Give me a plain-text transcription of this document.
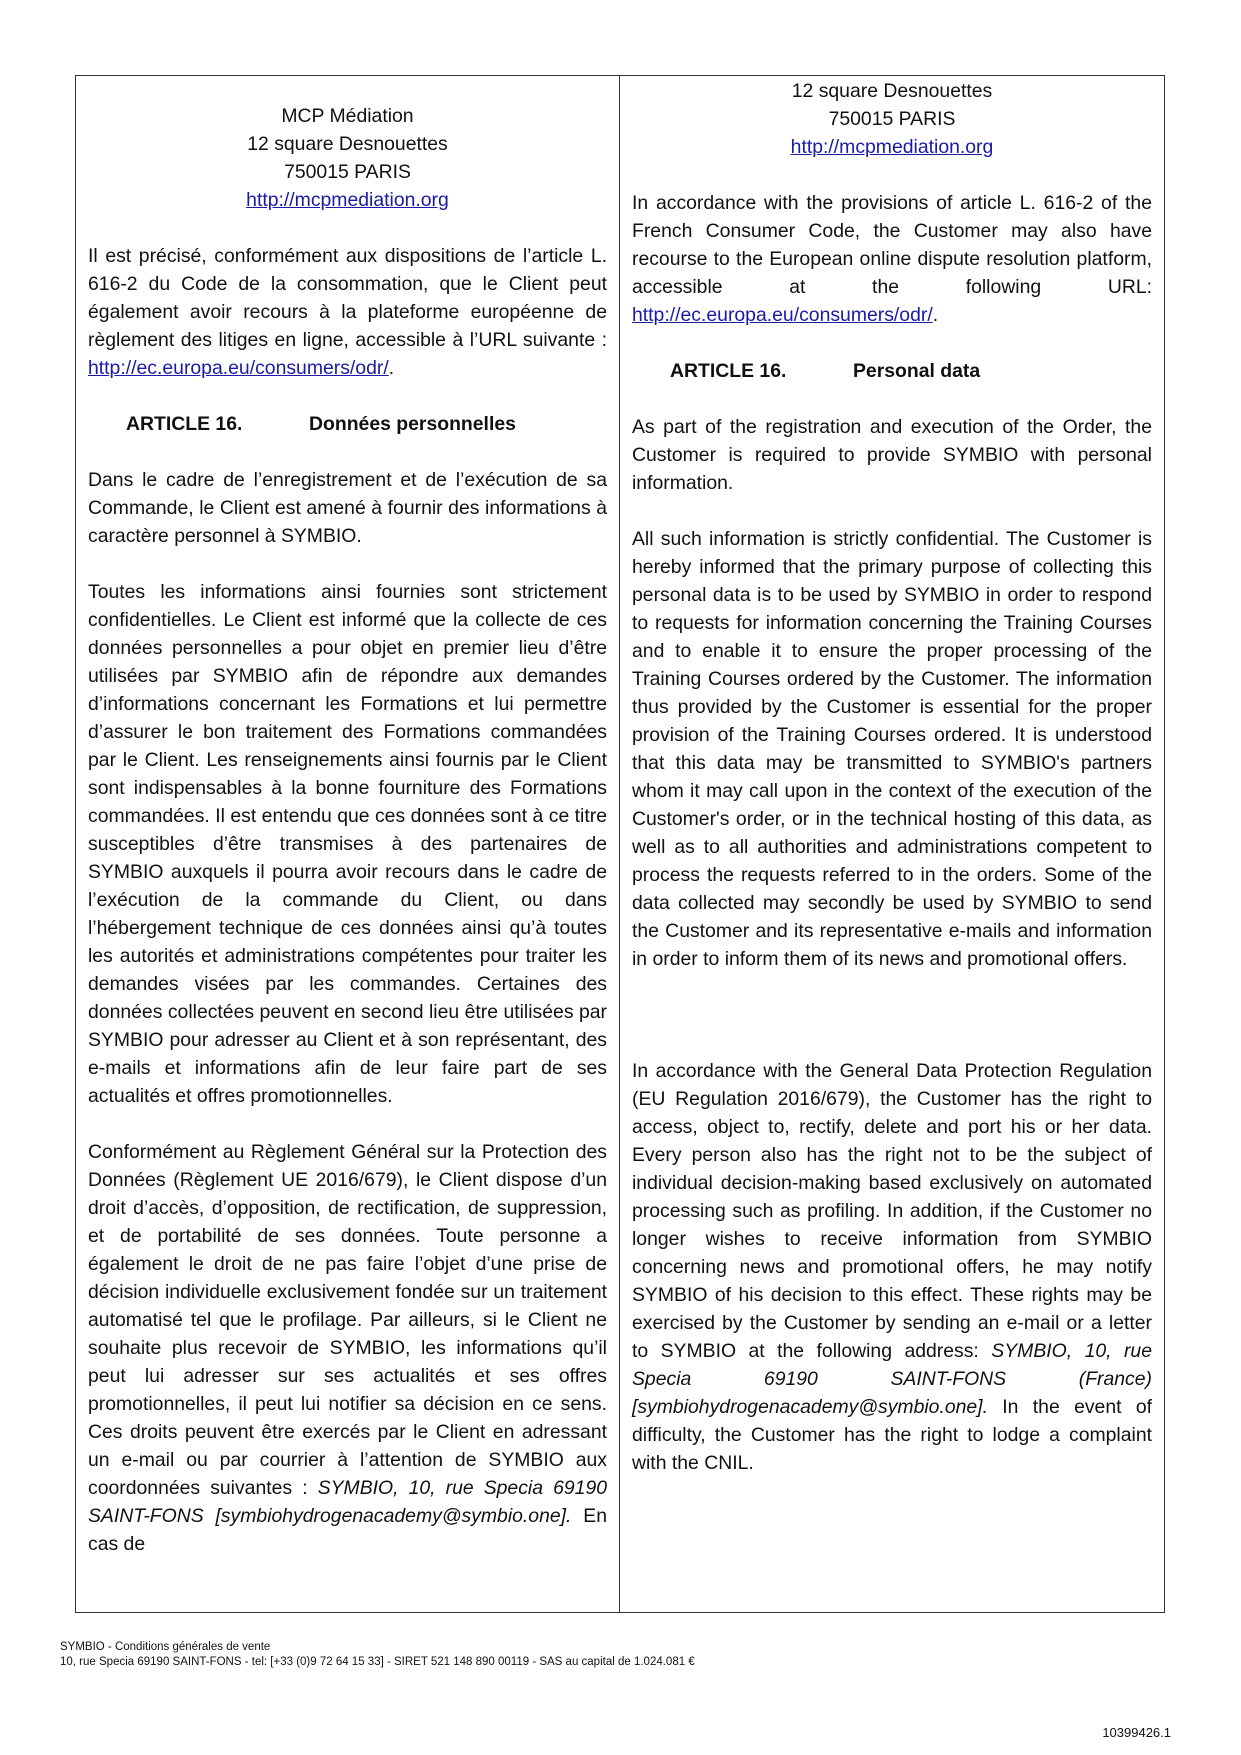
MCP Médiation
12 square Desnouettes
750015 PARIS
http://mcpmediation.org

Il est précisé, conformément aux dispositions de l’article L. 616-2 du Code de la consommation, que le Client peut également avoir recours à la plateforme européenne de règlement des litiges en ligne, accessible à l’URL suivante : http://ec.europa.eu/consumers/odr/.

ARTICLE 16.	Données personnelles

Dans le cadre de l’enregistrement et de l’exécution de sa Commande, le Client est amené à fournir des informations à caractère personnel à SYMBIO.

Toutes les informations ainsi fournies sont strictement confidentielles. Le Client est informé que la collecte de ces données personnelles a pour objet en premier lieu d’être utilisées par SYMBIO afin de répondre aux demandes d’informations concernant les Formations et lui permettre d’assurer le bon traitement des Formations commandées par le Client. Les renseignements ainsi fournis par le Client sont indispensables à la bonne fourniture des Formations commandées. Il est entendu que ces données sont à ce titre susceptibles d’être transmises à des partenaires de SYMBIO auxquels il pourra avoir recours dans le cadre de l’exécution de la commande du Client, ou dans l’hébergement technique de ces données ainsi qu’à toutes les autorités et administrations compétentes pour traiter les demandes visées par les commandes. Certaines des données collectées peuvent en second lieu être utilisées par SYMBIO pour adresser au Client et à son représentant, des e-mails et informations afin de leur faire part de ses actualités et offres promotionnelles.

Conformément au Règlement Général sur la Protection des Données (Règlement UE 2016/679), le Client dispose d’un droit d’accès, d’opposition, de rectification, de suppression, et de portabilité de ses données. Toute personne a également le droit de ne pas faire l’objet d’une prise de décision individuelle exclusivement fondée sur un traitement automatisé tel que le profilage. Par ailleurs, si le Client ne souhaite plus recevoir de SYMBIO, les informations qu’il peut lui adresser sur ses actualités et ses offres promotionnelles, il peut lui notifier sa décision en ce sens. Ces droits peuvent être exercés par le Client en adressant un e-mail ou par courrier à l’attention de SYMBIO aux coordonnées suivantes : SYMBIO, 10, rue Specia 69190 SAINT-FONS [symbiohydrogenacademy@symbio.one]. En cas de

12 square Desnouettes
750015 PARIS
http://mcpmediation.org

In accordance with the provisions of article L. 616-2 of the French Consumer Code, the Customer may also have recourse to the European online dispute resolution platform, accessible at the following URL: http://ec.europa.eu/consumers/odr/.

ARTICLE 16.	Personal data

As part of the registration and execution of the Order, the Customer is required to provide SYMBIO with personal information.

All such information is strictly confidential. The Customer is hereby informed that the primary purpose of collecting this personal data is to be used by SYMBIO in order to respond to requests for information concerning the Training Courses and to enable it to ensure the proper processing of the Training Courses ordered by the Customer. The information thus provided by the Customer is essential for the proper provision of the Training Courses ordered. It is understood that this data may be transmitted to SYMBIO's partners whom it may call upon in the context of the execution of the Customer's order, or in the technical hosting of this data, as well as to all authorities and administrations competent to process the requests referred to in the orders. Some of the data collected may secondly be used by SYMBIO to send the Customer and its representative e-mails and information in order to inform them of its news and promotional offers.

In accordance with the General Data Protection Regulation (EU Regulation 2016/679), the Customer has the right to access, object to, rectify, delete and port his or her data. Every person also has the right not to be the subject of individual decision-making based exclusively on automated processing such as profiling. In addition, if the Customer no longer wishes to receive information from SYMBIO concerning news and promotional offers, he may notify SYMBIO of his decision to this effect. These rights may be exercised by the Customer by sending an e-mail or a letter to SYMBIO at the following address: SYMBIO, 10, rue Specia 69190 SAINT-FONS (France) [symbiohydrogenacademy@symbio.one]. In the event of difficulty, the Customer has the right to lodge a complaint with the CNIL.

SYMBIO - Conditions générales de vente
10, rue Specia 69190 SAINT-FONS - tel: [+33 (0)9 72 64 15 33] - SIRET 521 148 890 00119 - SAS au capital de 1.024.081 €
10399426.1
